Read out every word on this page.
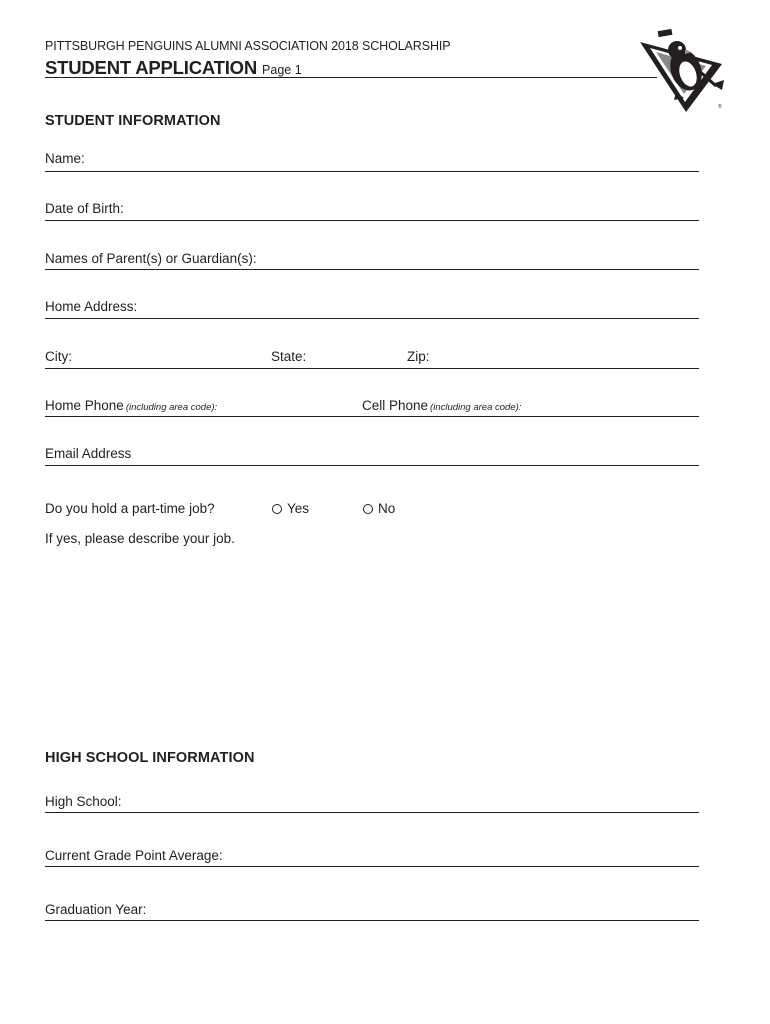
PITTSBURGH PENGUINS ALUMNI ASSOCIATION 2018 SCHOLARSHIP
STUDENT APPLICATION Page 1
®
STUDENT INFORMATION
Name:
Date of Birth:
Names of Parent(s) or Guardian(s):
Home Address:
City:	State:	Zip:
Home Phone (including area code):	Cell Phone (including area code):
Email Address
Do you hold a part-time job?	Yes	No
If yes, please describe your job.
HIGH SCHOOL INFORMATION
High School:
Current Grade Point Average:
Graduation Year:
